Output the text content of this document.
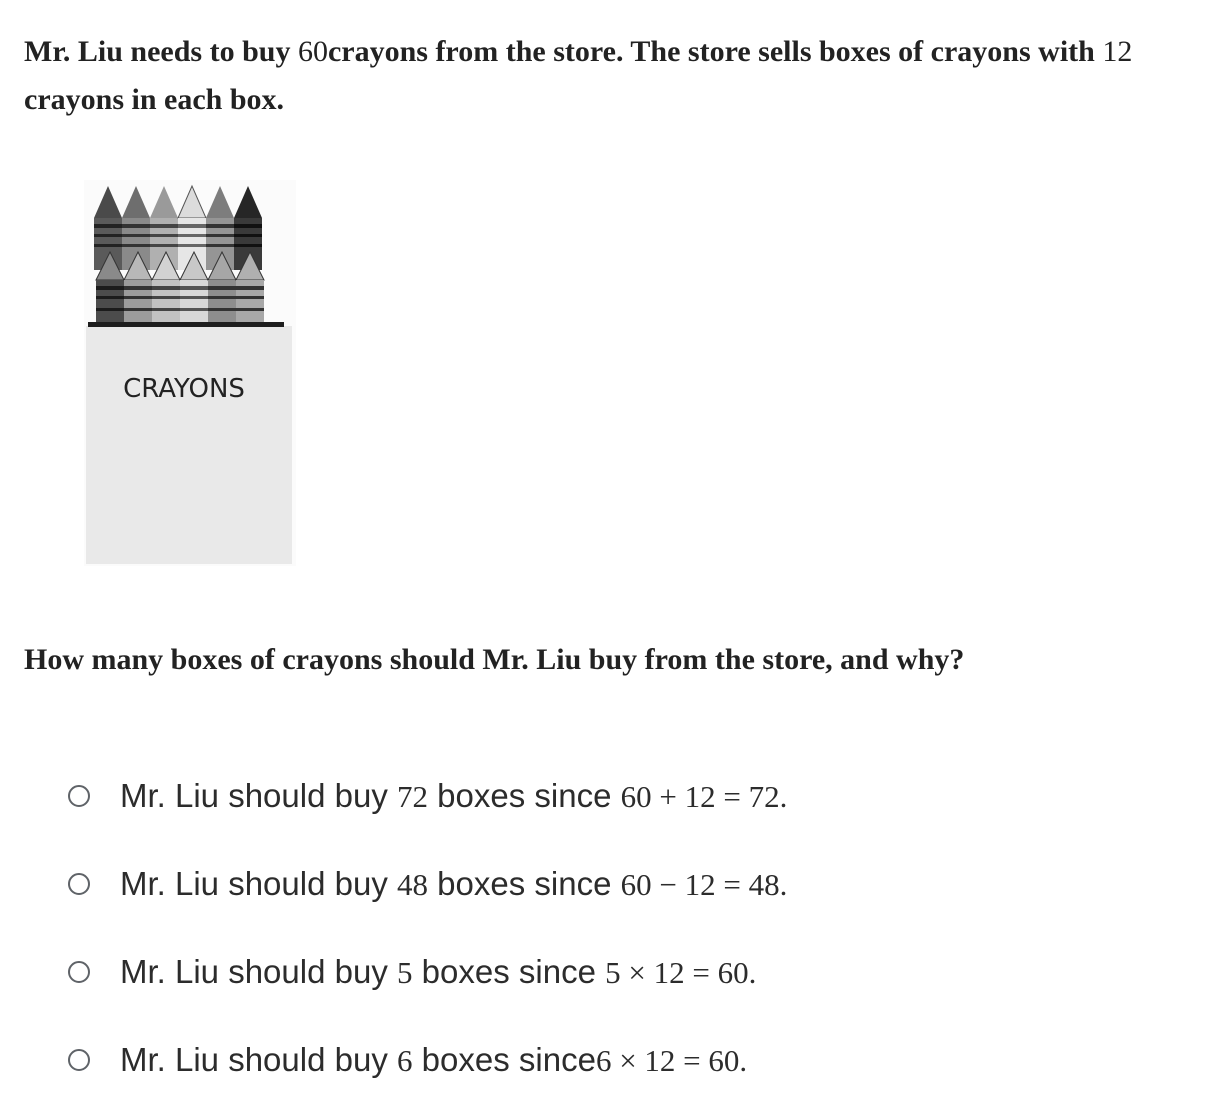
Mr. Liu needs to buy 60crayons from the store. The store sells boxes of crayons with 12 crayons in each box.

CRAYONS

How many boxes of crayons should Mr. Liu buy from the store, and why?

Mr. Liu should buy 72 boxes since 60 + 12 = 72.
Mr. Liu should buy 48 boxes since 60 − 12 = 48.
Mr. Liu should buy 5 boxes since 5 × 12 = 60.
Mr. Liu should buy 6 boxes since6 × 12 = 60.
